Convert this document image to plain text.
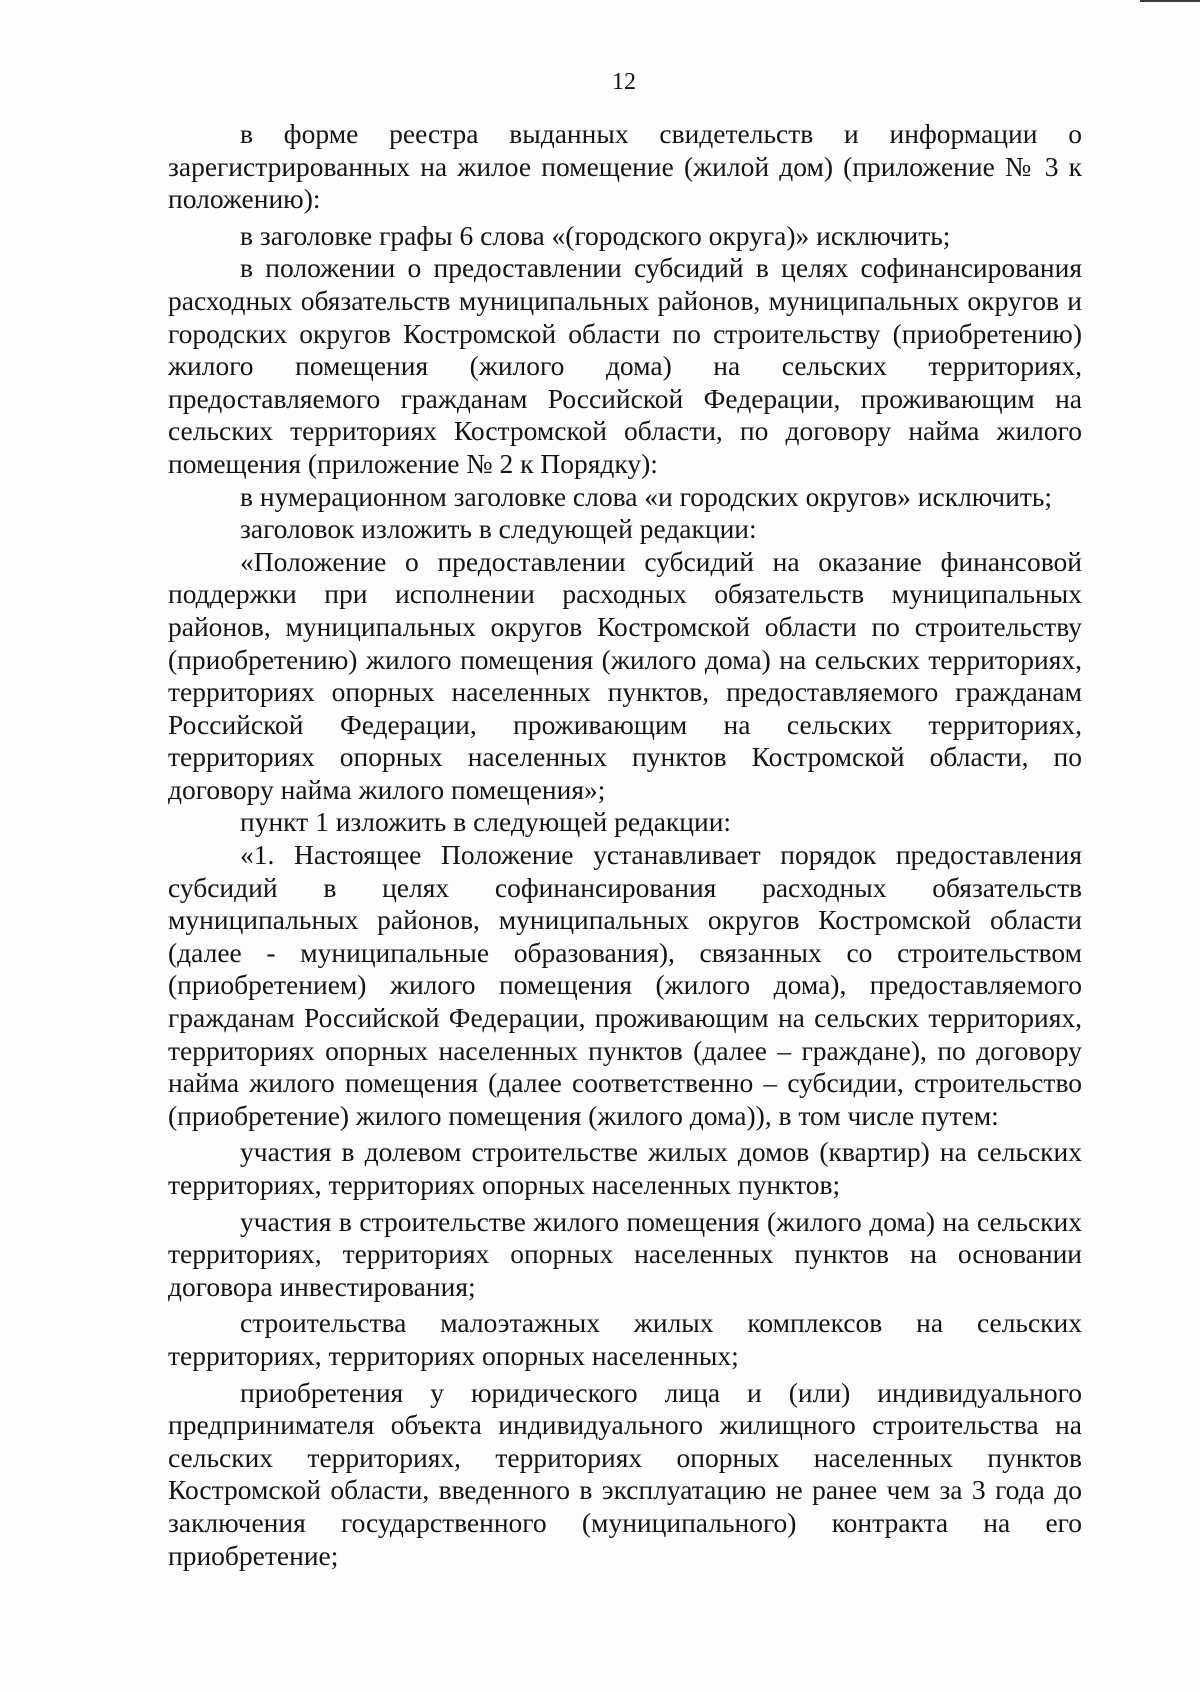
12

в форме реестра выданных свидетельств и информации о зарегистрированных на жилое помещение (жилой дом) (приложение № 3 к положению):

в заголовке графы 6 слова «(городского округа)» исключить;

в положении о предоставлении субсидий в целях софинансирования расходных обязательств муниципальных районов, муниципальных округов и городских округов Костромской области по строительству (приобретению) жилого помещения (жилого дома) на сельских территориях, предоставляемого гражданам Российской Федерации, проживающим на сельских территориях Костромской области, по договору найма жилого помещения (приложение № 2 к Порядку):

в нумерационном заголовке слова «и городских округов» исключить;

заголовок изложить в следующей редакции:

«Положение о предоставлении субсидий на оказание финансовой поддержки при исполнении расходных обязательств муниципальных районов, муниципальных округов Костромской области по строительству (приобретению) жилого помещения (жилого дома) на сельских территориях, территориях опорных населенных пунктов, предоставляемого гражданам Российской Федерации, проживающим на сельских территориях, территориях опорных населенных пунктов Костромской области, по договору найма жилого помещения»;

пункт 1 изложить в следующей редакции:

«1. Настоящее Положение устанавливает порядок предоставления субсидий в целях софинансирования расходных обязательств муниципальных районов, муниципальных округов Костромской области (далее - муниципальные образования), связанных со строительством (приобретением) жилого помещения (жилого дома), предоставляемого гражданам Российской Федерации, проживающим на сельских территориях, территориях опорных населенных пунктов (далее – граждане), по договору найма жилого помещения (далее соответственно – субсидии, строительство (приобретение) жилого помещения (жилого дома)), в том числе путем:

участия в долевом строительстве жилых домов (квартир) на сельских территориях, территориях опорных населенных пунктов;

участия в строительстве жилого помещения (жилого дома) на сельских территориях, территориях опорных населенных пунктов на основании договора инвестирования;

строительства малоэтажных жилых комплексов на сельских территориях, территориях опорных населенных;

приобретения у юридического лица и (или) индивидуального предпринимателя объекта индивидуального жилищного строительства на сельских территориях, территориях опорных населенных пунктов Костромской области, введенного в эксплуатацию не ранее чем за 3 года до заключения государственного (муниципального) контракта на его приобретение;
